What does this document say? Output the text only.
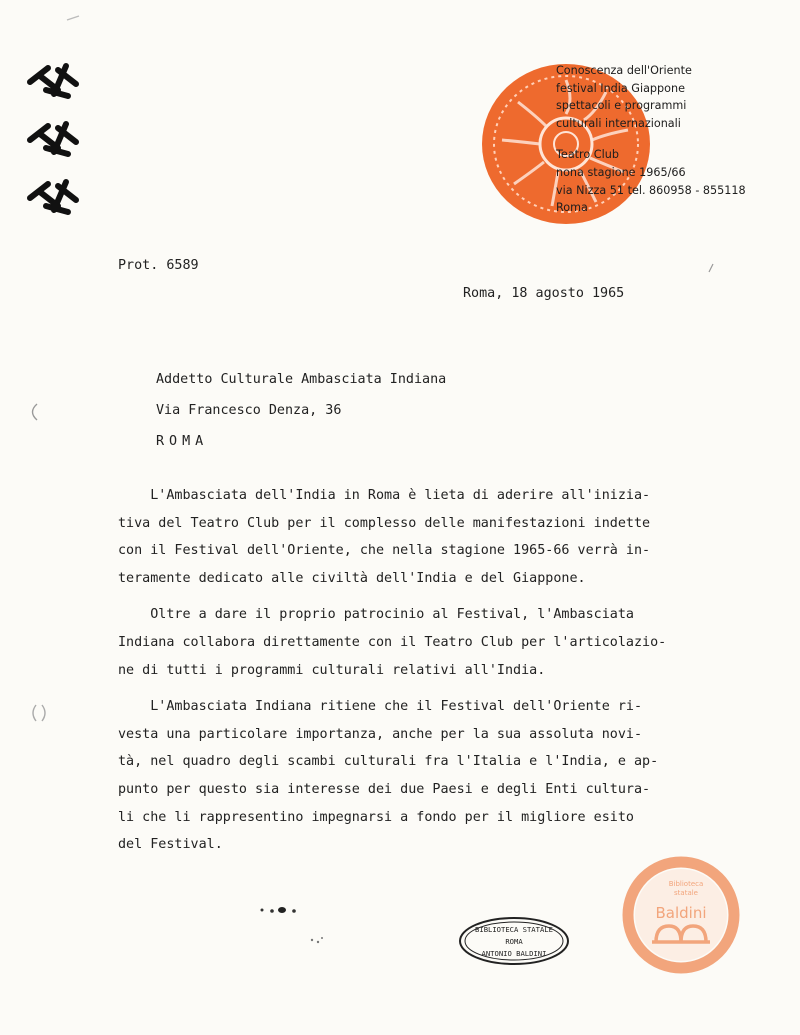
Conoscenza dell'Oriente
festival India Giappone
spettacoli e programmi
culturali internazionali
Teatro Club
nona stagione 1965/66
via Nizza 51 tel. 860958 - 855118
Roma
Prot. 6589
Roma, 18 agosto 1965
Addetto Culturale Ambasciata Indiana
Via Francesco Denza, 36
ROMA
L'Ambasciata dell'India in Roma è lieta di aderire all'inizia-
tiva del Teatro Club per il complesso delle manifestazioni indette
con il Festival dell'Oriente, che nella stagione 1965-66 verrà in-
teramente dedicato alle civiltà dell'India e del Giappone.
Oltre a dare il proprio patrocinio al Festival, l'Ambasciata
Indiana collabora direttamente con il Teatro Club per l'articolazio-
ne di tutti i programmi culturali relativi all'India.
L'Ambasciata Indiana ritiene che il Festival dell'Oriente ri-
vesta una particolare importanza, anche per la sua assoluta novi-
tà, nel quadro degli scambi culturali fra l'Italia e l'India, e ap-
punto per questo sia interesse dei due Paesi e degli Enti cultura-
li che li rappresentino impegnarsi a fondo per il migliore esito
del Festival.
BIBLIOTECA STATALE
ROMA
ANTONIO BALDINI
Biblioteca
statale
Baldini
